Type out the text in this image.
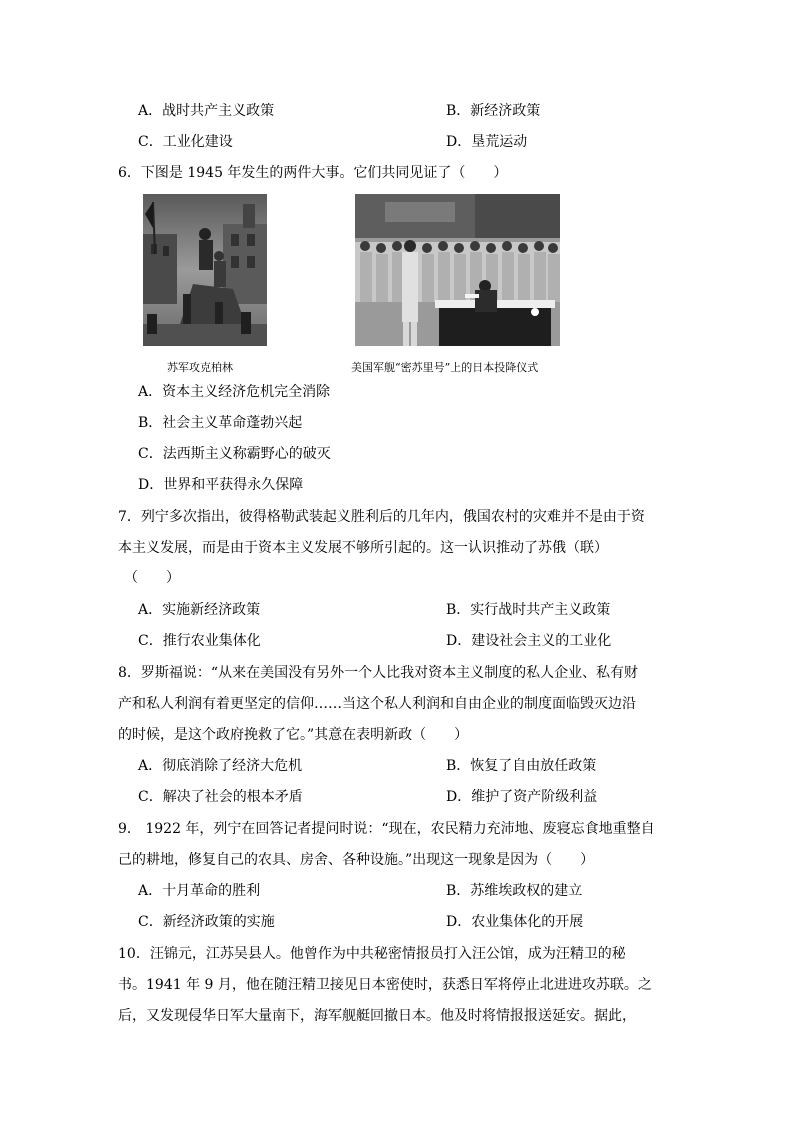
A．战时共产主义政策	B．新经济政策
C．工业化建设	D．垦荒运动
6．下图是 1945 年发生的两件大事。它们共同见证了（　　）
苏军攻克柏林	美国军舰“密苏里号”上的日本投降仪式
A．资本主义经济危机完全消除
B．社会主义革命蓬勃兴起
C．法西斯主义称霸野心的破灭
D．世界和平获得永久保障
7．列宁多次指出，彼得格勒武装起义胜利后的几年内，俄国农村的灾难并不是由于资
本主义发展，而是由于资本主义发展不够所引起的。这一认识推动了苏俄（联）
（　　）
A．实施新经济政策	B．实行战时共产主义政策
C．推行农业集体化	D．建设社会主义的工业化
8．罗斯福说：“从来在美国没有另外一个人比我对资本主义制度的私人企业、私有财
产和私人利润有着更坚定的信仰……当这个私人利润和自由企业的制度面临毁灭边沿
的时候，是这个政府挽救了它。”其意在表明新政（　　）
A．彻底消除了经济大危机	B．恢复了自由放任政策
C．解决了社会的根本矛盾	D．维护了资产阶级利益
9． 1922 年，列宁在回答记者提问时说：“现在，农民精力充沛地、废寝忘食地重整自
己的耕地，修复自己的农具、房舍、各种设施。”出现这一现象是因为（　　）
A．十月革命的胜利	B．苏维埃政权的建立
C．新经济政策的实施	D．农业集体化的开展
10．汪锦元，江苏吴县人。他曾作为中共秘密情报员打入汪公馆，成为汪精卫的秘
书。1941 年 9 月，他在随汪精卫接见日本密使时，获悉日军将停止北进进攻苏联。之
后，又发现侵华日军大量南下，海军舰艇回撤日本。他及时将情报报送延安。据此，
